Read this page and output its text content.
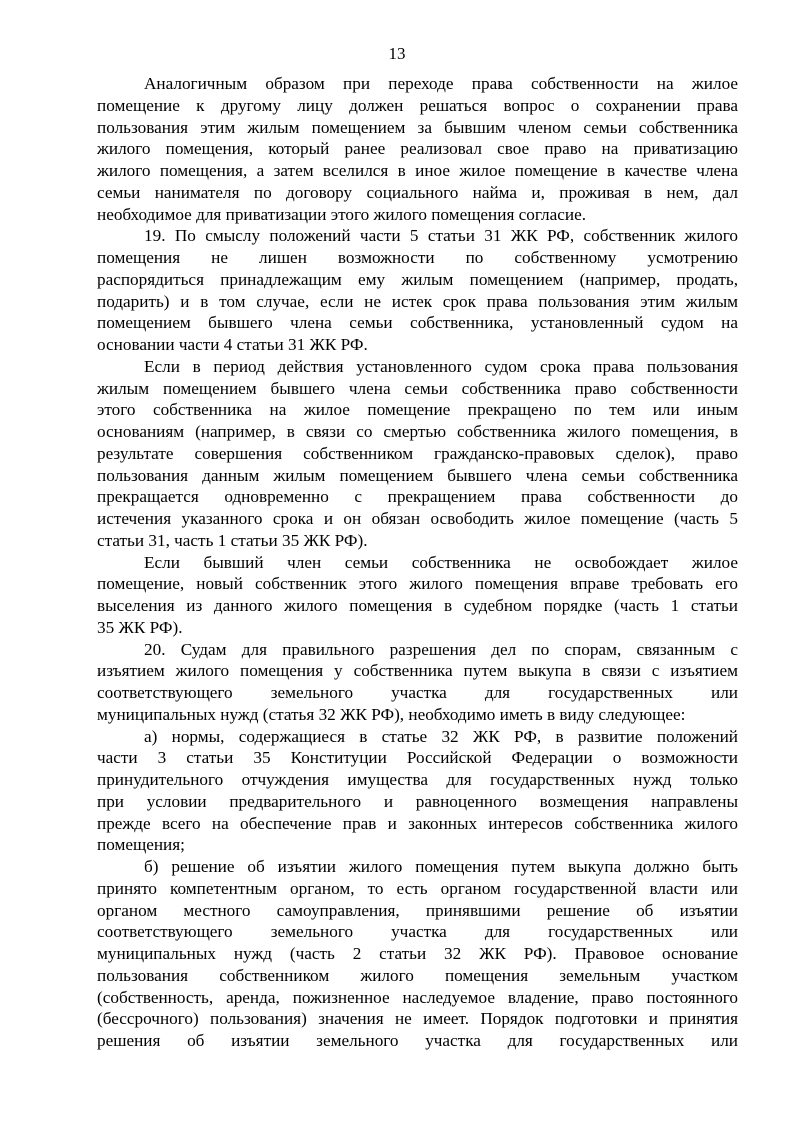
13
Аналогичным образом при переходе права собственности на жилое
помещение к другому лицу должен решаться вопрос о сохранении права
пользования этим жилым помещением за бывшим членом семьи собственника
жилого помещения, который ранее реализовал свое право на приватизацию
жилого помещения, а затем вселился в иное жилое помещение в качестве члена
семьи нанимателя по договору социального найма и, проживая в нем, дал
необходимое для приватизации этого жилого помещения согласие.
19. По смыслу положений части 5 статьи 31 ЖК РФ, собственник жилого
помещения не лишен возможности по собственному усмотрению
распорядиться принадлежащим ему жилым помещением (например, продать,
подарить) и в том случае, если не истек срок права пользования этим жилым
помещением бывшего члена семьи собственника, установленный судом на
основании части 4 статьи 31 ЖК РФ.
Если в период действия установленного судом срока права пользования
жилым помещением бывшего члена семьи собственника право собственности
этого собственника на жилое помещение прекращено по тем или иным
основаниям (например, в связи со смертью собственника жилого помещения, в
результате совершения собственником гражданско-правовых сделок), право
пользования данным жилым помещением бывшего члена семьи собственника
прекращается одновременно с прекращением права собственности до
истечения указанного срока и он обязан освободить жилое помещение (часть 5
статьи 31, часть 1 статьи 35 ЖК РФ).
Если бывший член семьи собственника не освобождает жилое
помещение, новый собственник этого жилого помещения вправе требовать его
выселения из данного жилого помещения в судебном порядке (часть 1 статьи
35 ЖК РФ).
20. Судам для правильного разрешения дел по спорам, связанным с
изъятием жилого помещения у собственника путем выкупа в связи с изъятием
соответствующего земельного участка для государственных или
муниципальных нужд (статья 32 ЖК РФ), необходимо иметь в виду следующее:
а) нормы, содержащиеся в статье 32 ЖК РФ, в развитие положений
части 3 статьи 35 Конституции Российской Федерации о возможности
принудительного отчуждения имущества для государственных нужд только
при условии предварительного и равноценного возмещения направлены
прежде всего на обеспечение прав и законных интересов собственника жилого
помещения;
б) решение об изъятии жилого помещения путем выкупа должно быть
принято компетентным органом, то есть органом государственной власти или
органом местного самоуправления, принявшими решение об изъятии
соответствующего земельного участка для государственных или
муниципальных нужд (часть 2 статьи 32 ЖК РФ). Правовое основание
пользования собственником жилого помещения земельным участком
(собственность, аренда, пожизненное наследуемое владение, право постоянного
(бессрочного) пользования) значения не имеет. Порядок подготовки и принятия
решения об изъятии земельного участка для государственных или
